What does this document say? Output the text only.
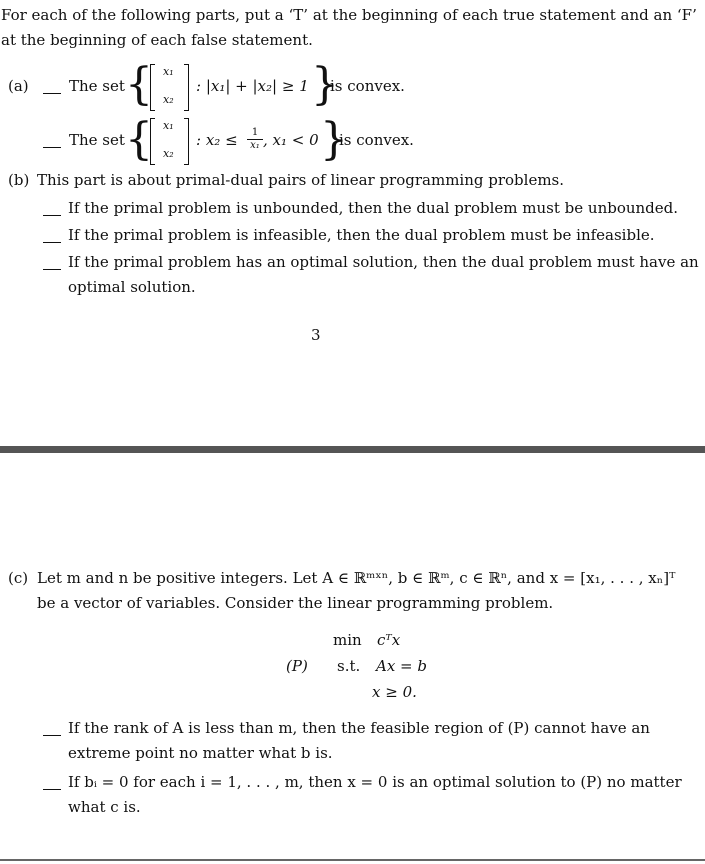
For each of the following parts, put a ‘T’ at the beginning of each true statement and an ‘F’
at the beginning of each false statement.
(a)	The set { x₁
x₂
: |x₁| + |x₂| ≥ 1 }
is convex.
The set { x₁
x₂
: x₂ ≤	1
x₁ , x₁ < 0 }
is convex.
(b) This part is about primal-dual pairs of linear programming problems.
If the primal problem is unbounded, then the dual problem must be unbounded.
If the primal problem is infeasible, then the dual problem must be infeasible.
If the primal problem has an optimal solution, then the dual problem must have an
optimal solution.
3
(c) Let m and n be positive integers. Let A ∈ ℝᵐˣⁿ, b ∈ ℝᵐ, c ∈ ℝⁿ, and x = [x₁, . . . , xₙ]ᵀ
be a vector of variables. Consider the linear programming problem.
min cᵀx
(P) s.t. Ax = b
x ≥ 0.
If the rank of A is less than m, then the feasible region of (P) cannot have an
extreme point no matter what b is.
If bᵢ = 0 for each i = 1, . . . , m, then x = 0 is an optimal solution to (P) no matter
what c is.
